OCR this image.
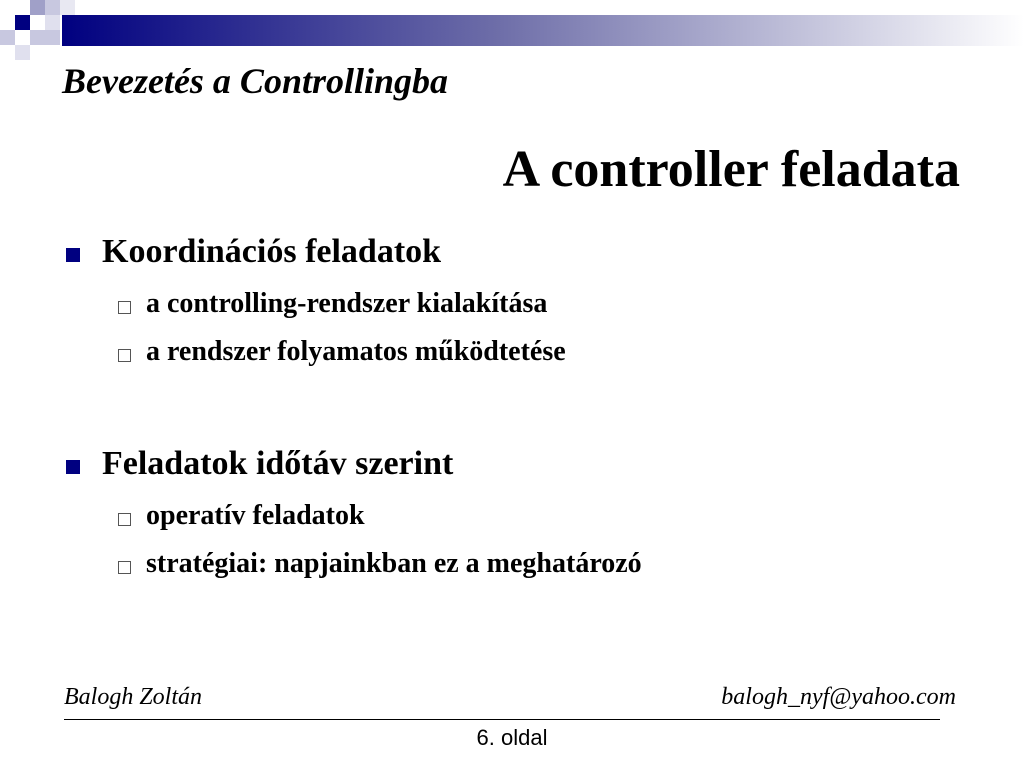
Bevezetés a Controllingba
A controller feladata
Koordinációs feladatok
a controlling-rendszer kialakítása
a rendszer folyamatos működtetése
Feladatok időtáv szerint
operatív feladatok
stratégiai: napjainkban ez a meghatározó
Balogh Zoltán	balogh_nyf@yahoo.com
6. oldal
